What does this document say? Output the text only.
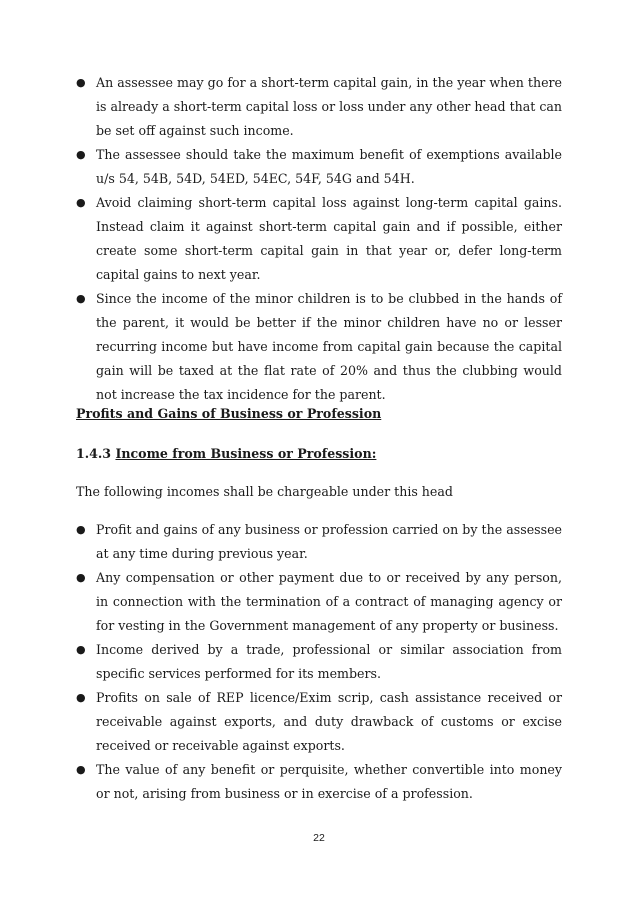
● An assessee may go for a short-term capital gain, in the year when there is already a short-term capital loss or loss under any other head that can be set off against such income.
● The assessee should take the maximum benefit of exemptions available u/s 54, 54B, 54D, 54ED, 54EC, 54F, 54G and 54H.
● Avoid claiming short-term capital loss against long-term capital gains. Instead claim it against short-term capital gain and if possible, either create some short-term capital gain in that year or, defer long-term capital gains to next year.
● Since the income of the minor children is to be clubbed in the hands of the parent, it would be better if the minor children have no or lesser recurring income but have income from capital gain because the capital gain will be taxed at the flat rate of 20% and thus the clubbing would not increase the tax incidence for the parent.

Profits and Gains of Business or Profession

1.4.3 Income from Business or Profession:

The following incomes shall be chargeable under this head

● Profit and gains of any business or profession carried on by the assessee at any time during previous year.
● Any compensation or other payment due to or received by any person, in connection with the termination of a contract of managing agency or for vesting in the Government management of any property or business.
● Income derived by a trade, professional or similar association from specific services performed for its members.
● Profits on sale of REP licence/Exim scrip, cash assistance received or receivable against exports, and duty drawback of customs or excise received or receivable against exports.
● The value of any benefit or perquisite, whether convertible into money or not, arising from business or in exercise of a profession.
22
